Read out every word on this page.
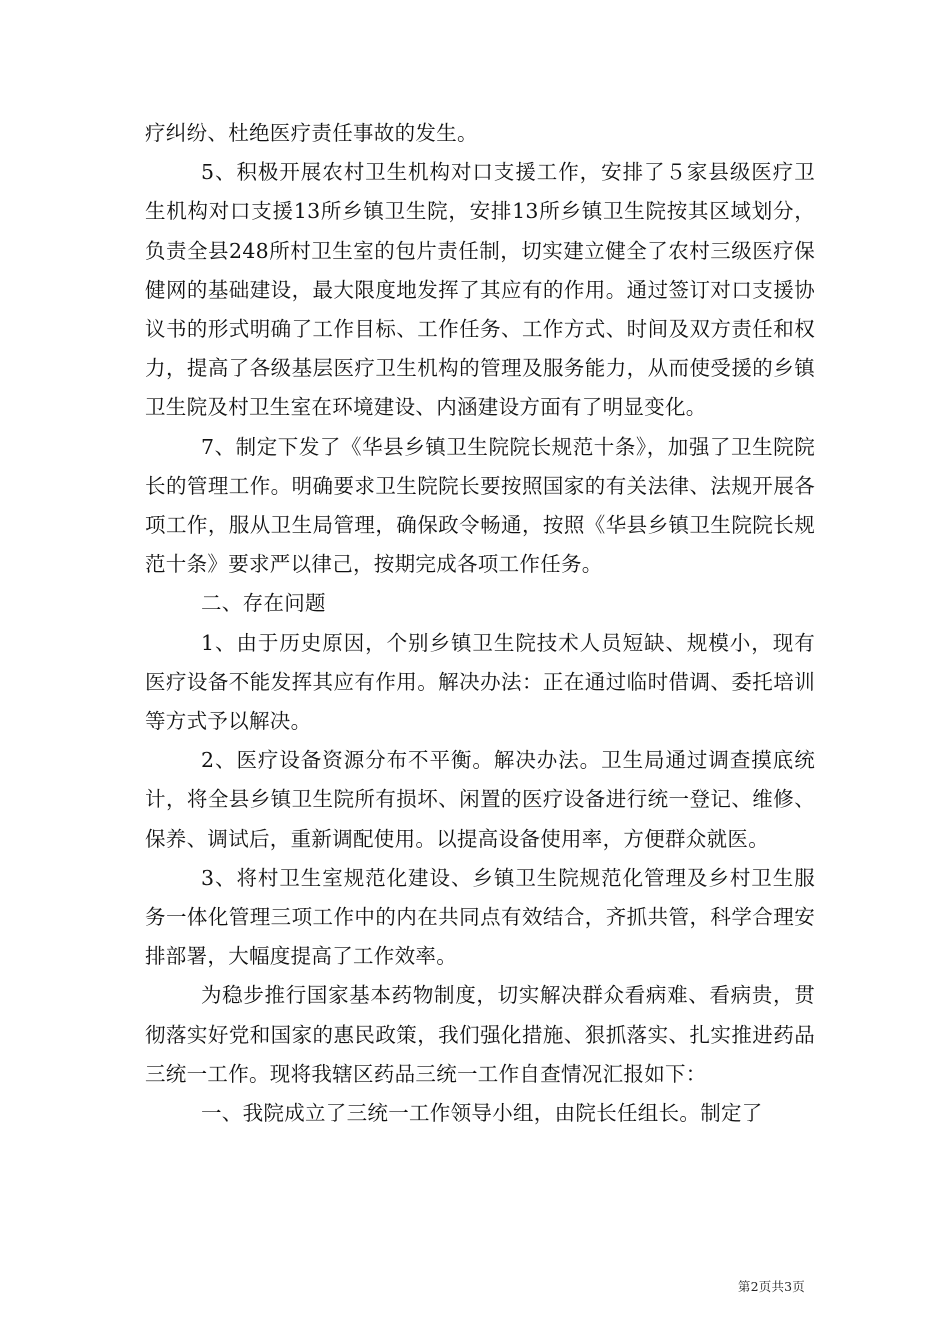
疗纠纷、杜绝医疗责任事故的发生。

5、积极开展农村卫生机构对口支援工作，安排了５家县级医疗卫生机构对口支援13所乡镇卫生院，安排13所乡镇卫生院按其区域划分，负责全县248所村卫生室的包片责任制，切实建立健全了农村三级医疗保健网的基础建设，最大限度地发挥了其应有的作用。通过签订对口支援协议书的形式明确了工作目标、工作任务、工作方式、时间及双方责任和权力，提高了各级基层医疗卫生机构的管理及服务能力，从而使受援的乡镇卫生院及村卫生室在环境建设、内涵建设方面有了明显变化。

7、制定下发了《华县乡镇卫生院院长规范十条》，加强了卫生院院长的管理工作。明确要求卫生院院长要按照国家的有关法律、法规开展各项工作，服从卫生局管理，确保政令畅通，按照《华县乡镇卫生院院长规范十条》要求严以律己，按期完成各项工作任务。

二、存在问题

1、由于历史原因，个别乡镇卫生院技术人员短缺、规模小，现有医疗设备不能发挥其应有作用。解决办法：正在通过临时借调、委托培训等方式予以解决。

2、医疗设备资源分布不平衡。解决办法。卫生局通过调查摸底统计，将全县乡镇卫生院所有损坏、闲置的医疗设备进行统一登记、维修、保养、调试后，重新调配使用。以提高设备使用率，方便群众就医。

3、将村卫生室规范化建设、乡镇卫生院规范化管理及乡村卫生服务一体化管理三项工作中的内在共同点有效结合，齐抓共管，科学合理安排部署，大幅度提高了工作效率。

为稳步推行国家基本药物制度，切实解决群众看病难、看病贵，贯彻落实好党和国家的惠民政策，我们强化措施、狠抓落实、扎实推进药品三统一工作。现将我辖区药品三统一工作自查情况汇报如下：

一、我院成立了三统一工作领导小组，由院长任组长。制定了

第2页共3页
